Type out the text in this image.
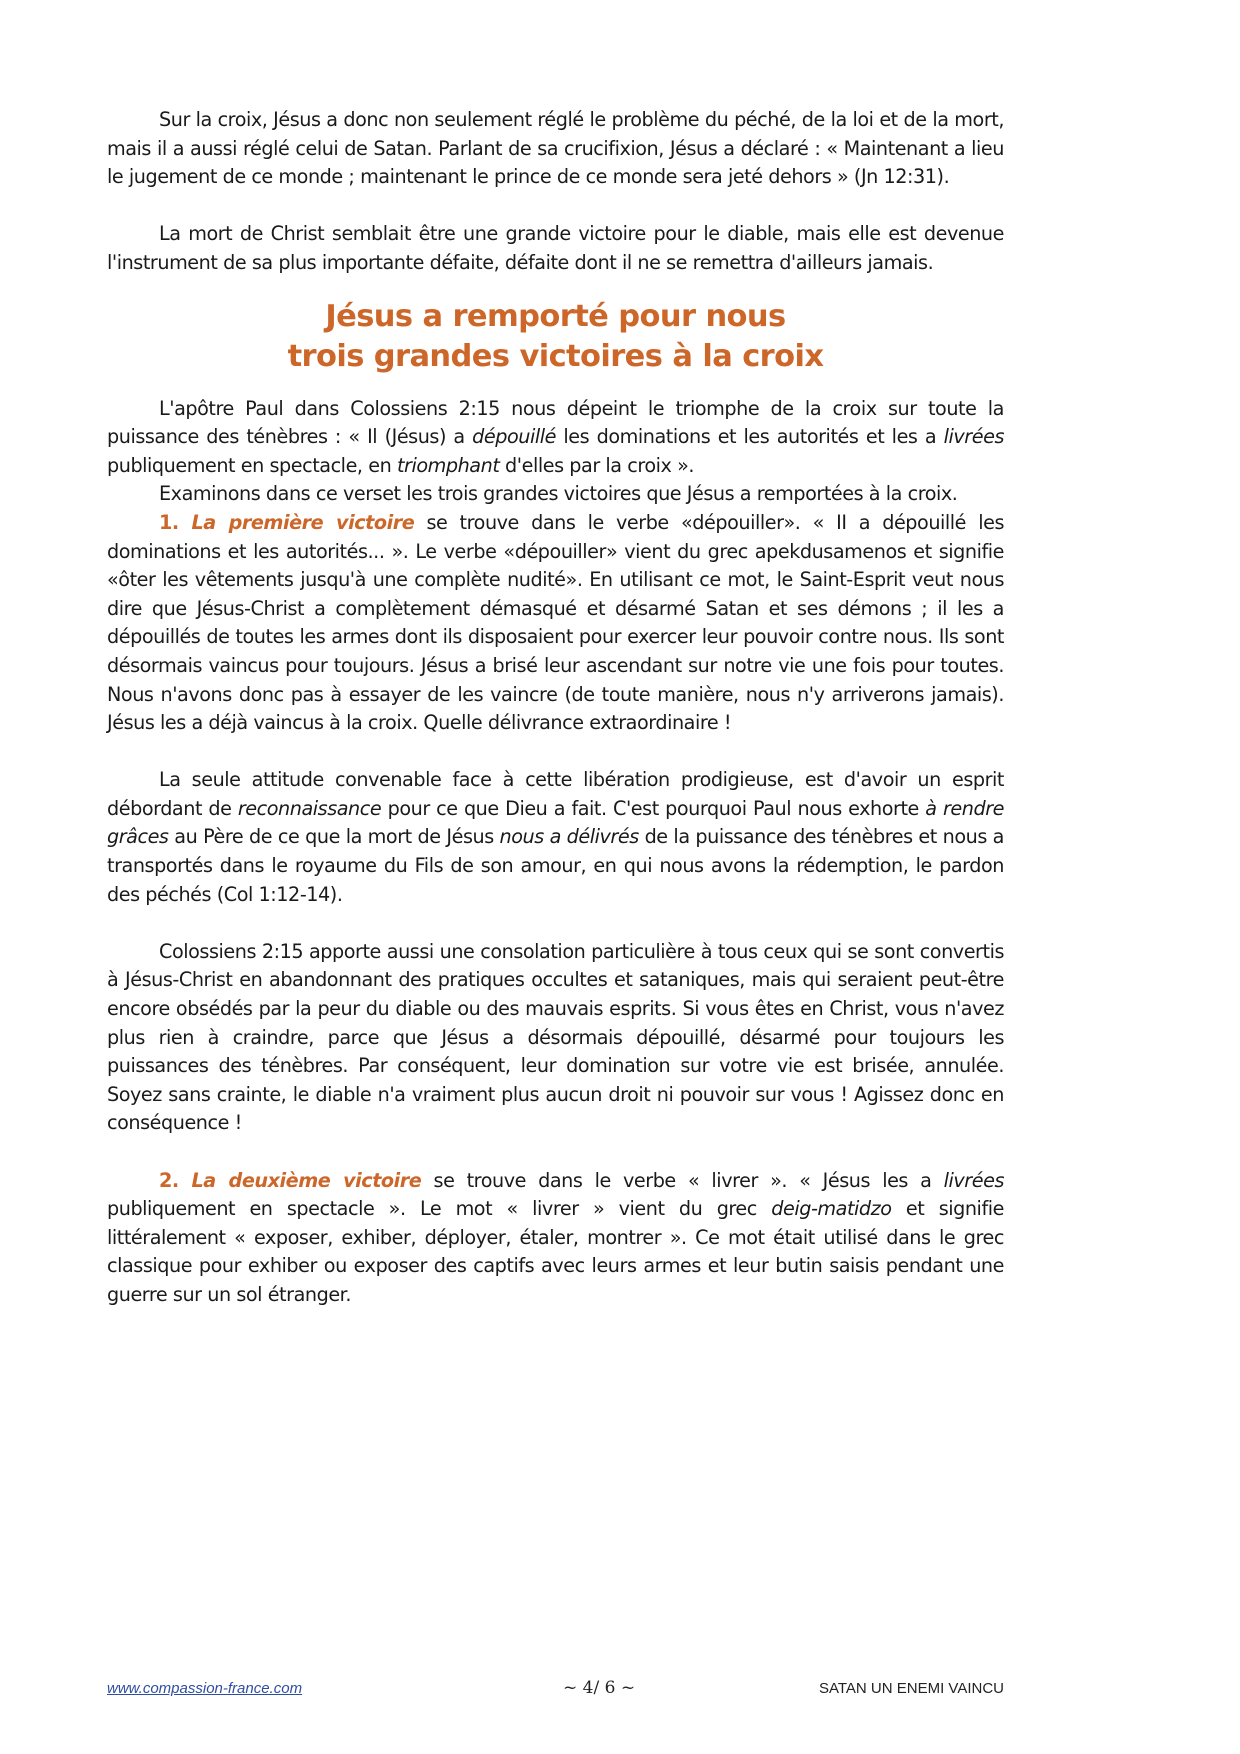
Sur la croix, Jésus a donc non seulement réglé le problème du péché, de la loi et de la mort, mais il a aussi réglé celui de Satan. Parlant de sa crucifixion, Jésus a déclaré : « Maintenant a lieu le jugement de ce monde ; maintenant le prince de ce monde sera jeté dehors » (Jn 12:31).

La mort de Christ semblait être une grande victoire pour le diable, mais elle est devenue l'instrument de sa plus importante défaite, défaite dont il ne se remettra d'ailleurs jamais.

Jésus a remporté pour nous
trois grandes victoires à la croix

L'apôtre Paul dans Colossiens 2:15 nous dépeint le triomphe de la croix sur toute la puissance des ténèbres : « Il (Jésus) a dépouillé les dominations et les autorités et les a livrées publiquement en spectacle, en triomphant d'elles par la croix ».

Examinons dans ce verset les trois grandes victoires que Jésus a remportées à la croix.

1. La première victoire se trouve dans le verbe «dépouiller». « II a dépouillé les dominations et les autorités... ». Le verbe «dépouiller» vient du grec apekdusamenos et signifie «ôter les vêtements jusqu'à une complète nudité». En utilisant ce mot, le Saint-Esprit veut nous dire que Jésus-Christ a complètement démasqué et désarmé Satan et ses démons ; il les a dépouillés de toutes les armes dont ils disposaient pour exercer leur pouvoir contre nous. Ils sont désormais vaincus pour toujours. Jésus a brisé leur ascendant sur notre vie une fois pour toutes. Nous n'avons donc pas à essayer de les vaincre (de toute manière, nous n'y arriverons jamais). Jésus les a déjà vaincus à la croix. Quelle délivrance extraordinaire !

La seule attitude convenable face à cette libération prodigieuse, est d'avoir un esprit débordant de reconnaissance pour ce que Dieu a fait. C'est pourquoi Paul nous exhorte à rendre grâces au Père de ce que la mort de Jésus nous a délivrés de la puissance des ténèbres et nous a transportés dans le royaume du Fils de son amour, en qui nous avons la rédemption, le pardon des péchés (Col 1:12-14).

Colossiens 2:15 apporte aussi une consolation particulière à tous ceux qui se sont convertis à Jésus-Christ en abandonnant des pratiques occultes et sataniques, mais qui seraient peut-être encore obsédés par la peur du diable ou des mauvais esprits. Si vous êtes en Christ, vous n'avez plus rien à craindre, parce que Jésus a désormais dépouillé, désarmé pour toujours les puissances des ténèbres. Par conséquent, leur domination sur votre vie est brisée, annulée. Soyez sans crainte, le diable n'a vraiment plus aucun droit ni pouvoir sur vous ! Agissez donc en conséquence !

2. La deuxième victoire se trouve dans le verbe « livrer ». « Jésus les a livrées publiquement en spectacle ». Le mot « livrer » vient du grec deig-matidzo et signifie littéralement « exposer, exhiber, déployer, étaler, montrer ». Ce mot était utilisé dans le grec classique pour exhiber ou exposer des captifs avec leurs armes et leur butin saisis pendant une guerre sur un sol étranger.

www.compassion-france.com	~ 4/ 6 ~	SATAN UN ENEMI VAINCU
